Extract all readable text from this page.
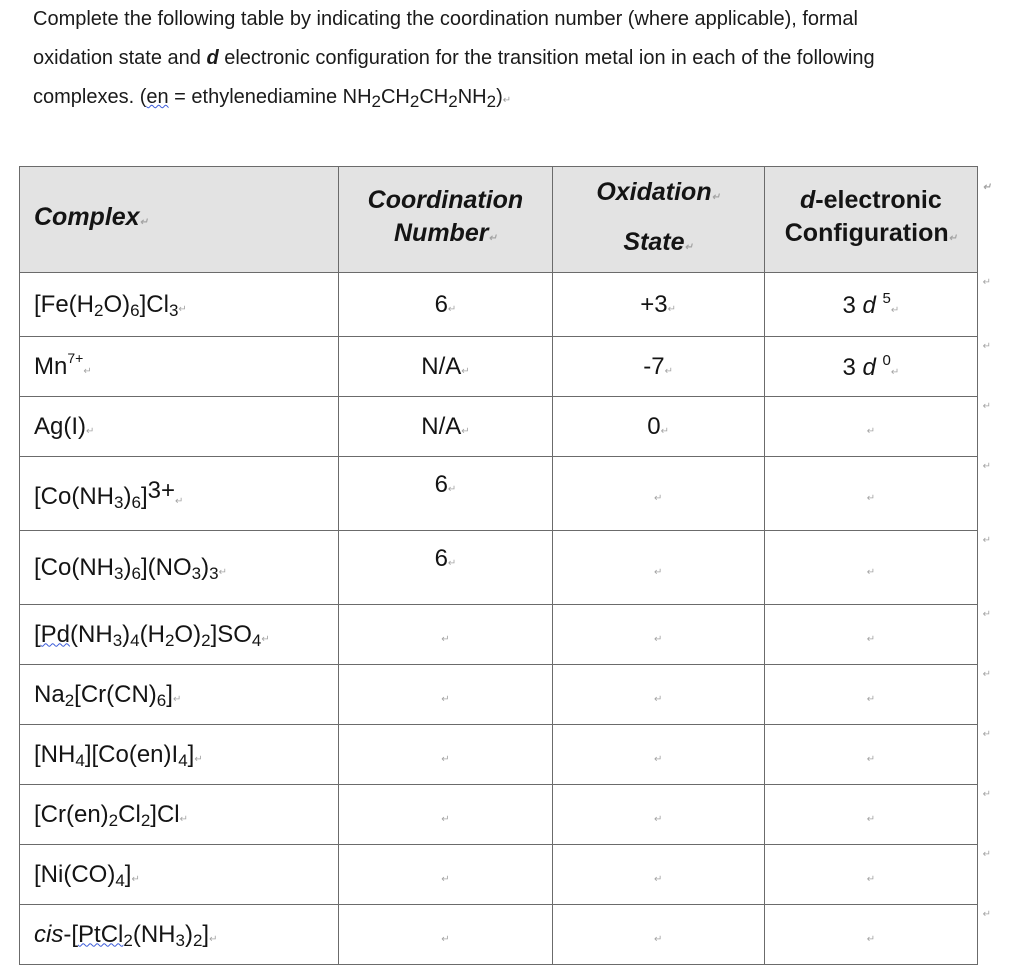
Complete the following table by indicating the coordination number (where applicable), formal
oxidation state and d electronic configuration for the transition metal ion in each of the following
complexes. (en = ethylenediamine $NH_2CH_2CH_2NH_2)↵$
Complex↵	Coordination
Number↵	Oxidation↵
State↵	d-electronic
Configuration↵
↵

$[Fe(H_2O)_6]Cl_3↵$	6↵	+3↵	3 d $^5$↵
↵

$Mn^{7+}↵$	N/A↵	-7↵	3 d $^0$↵
↵

Ag(I)↵	N/A↵	0↵	↵
↵

$[Co(NH_3)_6]3+↵$	6↵	↵	↵
↵

$[Co(NH_3)_6](NO_3)_3↵$	6↵	↵	↵
↵

$[Pd(NH_3)_4(H_2O)_2]SO_4↵$	↵	↵	↵
↵

$Na_2[Cr(CN)_6]↵$	↵	↵	↵
↵

$[NH_4][Co(en)I_4]↵$	↵	↵	↵
↵

$[Cr(en)_2Cl_2]Cl↵$	↵	↵	↵
↵

$[Ni(CO)_4]↵$	↵	↵	↵
↵

cis-$[PtCl_2(NH_3)_2]↵$	↵	↵	↵
↵
